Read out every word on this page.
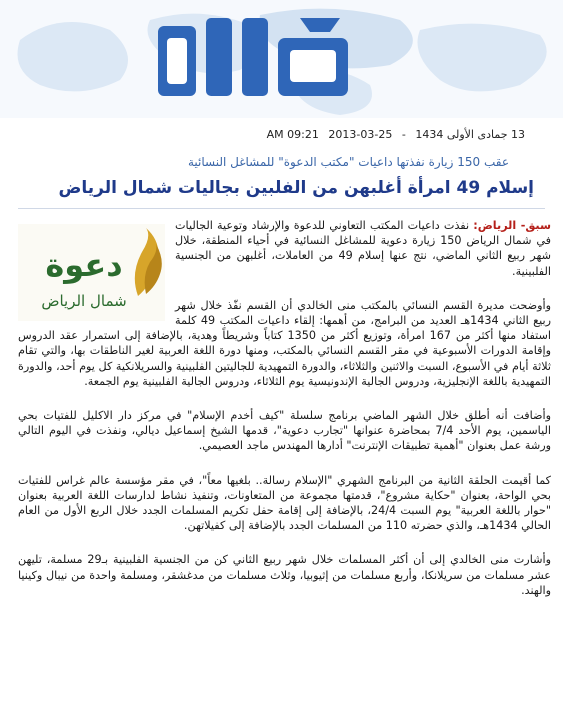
13 جمادى الأولى 1434 - 25-03-2013 AM 09:21
عقب 150 زيارة نفذتها داعيات "مكتب الدعوة" للمشاغل النسائية
إسلام 49 امرأة أغلبهن من الفلبين بجاليات شمال الرياض
دعوة
شمال الرياض

سبق- الرياض: نفذت داعيات المكتب التعاوني للدعوة والإرشاد وتوعية الجاليات في شمال الرياض 150 زيارة دعوية للمشاغل النسائية في أحياء المنطقة، خلال شهر ربيع الثاني الماضي، نتج عنها إسلام 49 من العاملات، أغلبهن من الجنسية الفلبينية.

وأوضحت مديرة القسم النسائي بالمكتب منى الخالدي أن القسم نفّذ خلال شهر ربيع الثاني 1434هـ العديد من البرامج، من أهمها: إلقاء داعيات المكتب 49 كلمة استفاد منها أكثر من 167 امرأة، وتوزيع أكثر من 1350 كتاباً وشريطاً وهدية، بالإضافة إلى استمرار عقد الدروس وإقامة الدورات الأسبوعية في مقر القسم النسائي بالمكتب، ومنها دورة اللغة العربية لغير الناطقات بها، والتي تقام ثلاثة أيام في الأسبوع، السبت والاثنين والثلاثاء، والدورة التمهيدية للجاليتين الفلبينية والسريلانكية كل يوم أحد، والدورة التمهيدية باللغة الإنجليزية، ودروس الجالية الإندونيسية يوم الثلاثاء، ودروس الجالية الفلبينية يوم الجمعة.

وأضافت أنه أطلق خلال الشهر الماضي برنامج سلسلة "كيف أخدم الإسلام" في مركز دار الاكليل للفتيات بحي الياسمين، يوم الأحد 7/4 بمحاضرة عنوانها "تجارب دعوية"، قدمها الشيخ إسماعيل ديالي، ونفذت في اليوم التالي ورشة عمل بعنوان "أهمية تطبيقات الإنترنت" أدارها المهندس ماجد العصيمي.

كما أقيمت الحلقة الثانية من البرنامج الشهري "الإسلام رسالة.. بلغيها معاً"، في مقر مؤسسة عالم غراس للفتيات بحي الواحة، بعنوان "حكاية مشروع"، قدمتها مجموعة من المتعاونات، وتنفيذ نشاط لدارسات اللغة العربية بعنوان "حوار باللغة العربية" يوم السبت 24/4، بالإضافة إلى إقامة حفل تكريم المسلمات الجدد خلال الربع الأول من العام الحالي 1434هـ، والذي حضرته 110 من المسلمات الجدد بالإضافة إلى كفيلاتهن.

وأشارت منى الخالدي إلى أن أكثر المسلمات خلال شهر ربيع الثاني كن من الجنسية الفلبينية بـ29 مسلمة، تليهن عشر مسلمات من سريلانكا، وأربع مسلمات من إثيوبيا، وثلاث مسلمات من مدغشقر، ومسلمة واحدة من نيبال وكينيا والهند.
